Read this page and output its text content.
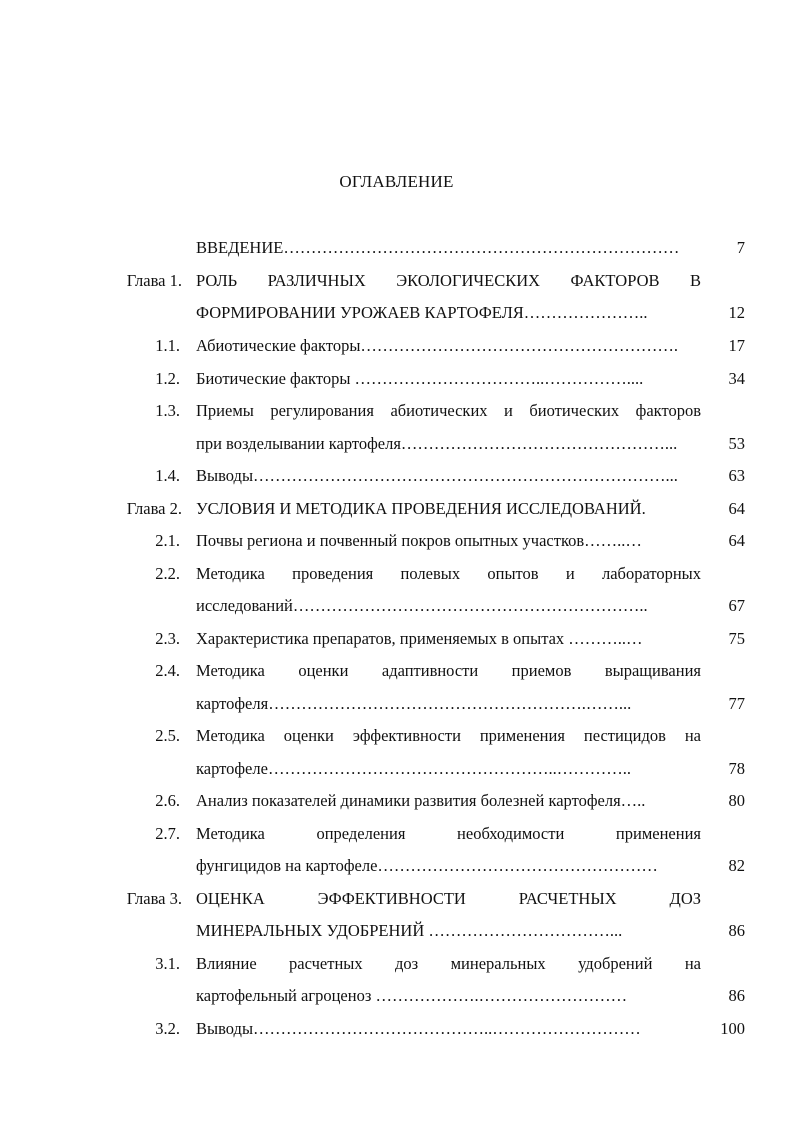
ОГЛАВЛЕНИЕ
ВВЕДЕНИЕ………………………………………………………………	7
Глава 1. РОЛЬ РАЗЛИЧНЫХ ЭКОЛОГИЧЕСКИХ ФАКТОРОВ В
ФОРМИРОВАНИИ УРОЖАЕВ КАРТОФЕЛЯ…………………..	12
1.1. Абиотические факторы………………………………………………….	17
1.2. Биотические факторы ……………………………..……………....	34
1.3. Приемы регулирования абиотических и биотических факторов
при возделывании картофеля…………………………………………...	53
1.4. Выводы…………………………………………………………………...	63
Глава 2. УСЛОВИЯ И МЕТОДИКА ПРОВЕДЕНИЯ ИССЛЕДОВАНИЙ.	64
2.1. Почвы региона и почвенный покров опытных участков……..…	64
2.2. Методика проведения полевых опытов и лабораторных
исследований………………………………………………………..	67
2.3. Характеристика препаратов, применяемых в опытах ………..…	75
2.4. Методика оценки адаптивности приемов выращивания
картофеля………………………………………………….……...	77
2.5. Методика оценки эффективности применения пестицидов на
картофеле……………………………………………..…………..	78
2.6. Анализ показателей динамики развития болезней картофеля…..	80
2.7. Методика определения необходимости применения
фунгицидов на картофеле……………………………………………	82
Глава 3. ОЦЕНКА ЭФФЕКТИВНОСТИ РАСЧЕТНЫХ ДОЗ
МИНЕРАЛЬНЫХ УДОБРЕНИЙ ……………………………...	86
3.1. Влияние расчетных доз минеральных удобрений на
картофельный агроценоз ……………….………………………	86
3.2. Выводы……………………………………..………………………	100
